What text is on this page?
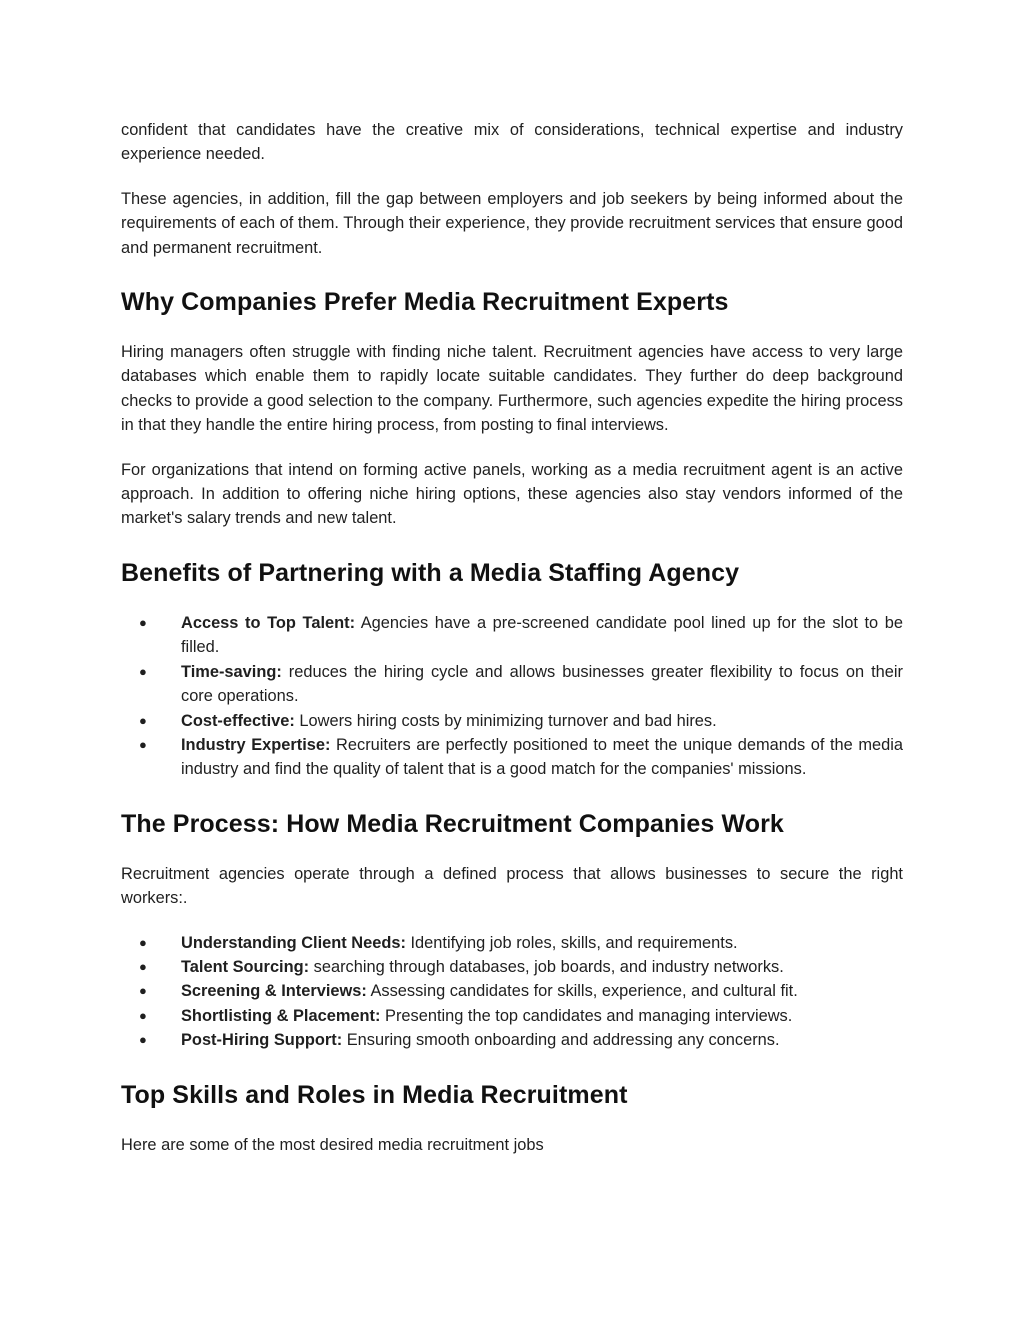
confident that candidates have the creative mix of considerations, technical expertise and industry experience needed.

These agencies, in addition, fill the gap between employers and job seekers by being informed about the requirements of each of them. Through their experience, they provide recruitment services that ensure good and permanent recruitment.

Why Companies Prefer Media Recruitment Experts

Hiring managers often struggle with finding niche talent. Recruitment agencies have access to very large databases which enable them to rapidly locate suitable candidates. They further do deep background checks to provide a good selection to the company. Furthermore, such agencies expedite the hiring process in that they handle the entire hiring process, from posting to final interviews.

For organizations that intend on forming active panels, working as a media recruitment agent is an active approach. In addition to offering niche hiring options, these agencies also stay vendors informed of the market's salary trends and new talent.

Benefits of Partnering with a Media Staffing Agency
● Access to Top Talent: Agencies have a pre-screened candidate pool lined up for the slot to be filled.
● Time-saving: reduces the hiring cycle and allows businesses greater flexibility to focus on their core operations.
● Cost-effective: Lowers hiring costs by minimizing turnover and bad hires.
● Industry Expertise: Recruiters are perfectly positioned to meet the unique demands of the media industry and find the quality of talent that is a good match for the companies' missions.
The Process: How Media Recruitment Companies Work

Recruitment agencies operate through a defined process that allows businesses to secure the right workers:.

● Understanding Client Needs: Identifying job roles, skills, and requirements.
● Talent Sourcing: searching through databases, job boards, and industry networks.
● Screening & Interviews: Assessing candidates for skills, experience, and cultural fit.
● Shortlisting & Placement: Presenting the top candidates and managing interviews.
● Post-Hiring Support: Ensuring smooth onboarding and addressing any concerns.
Top Skills and Roles in Media Recruitment

Here are some of the most desired media recruitment jobs
